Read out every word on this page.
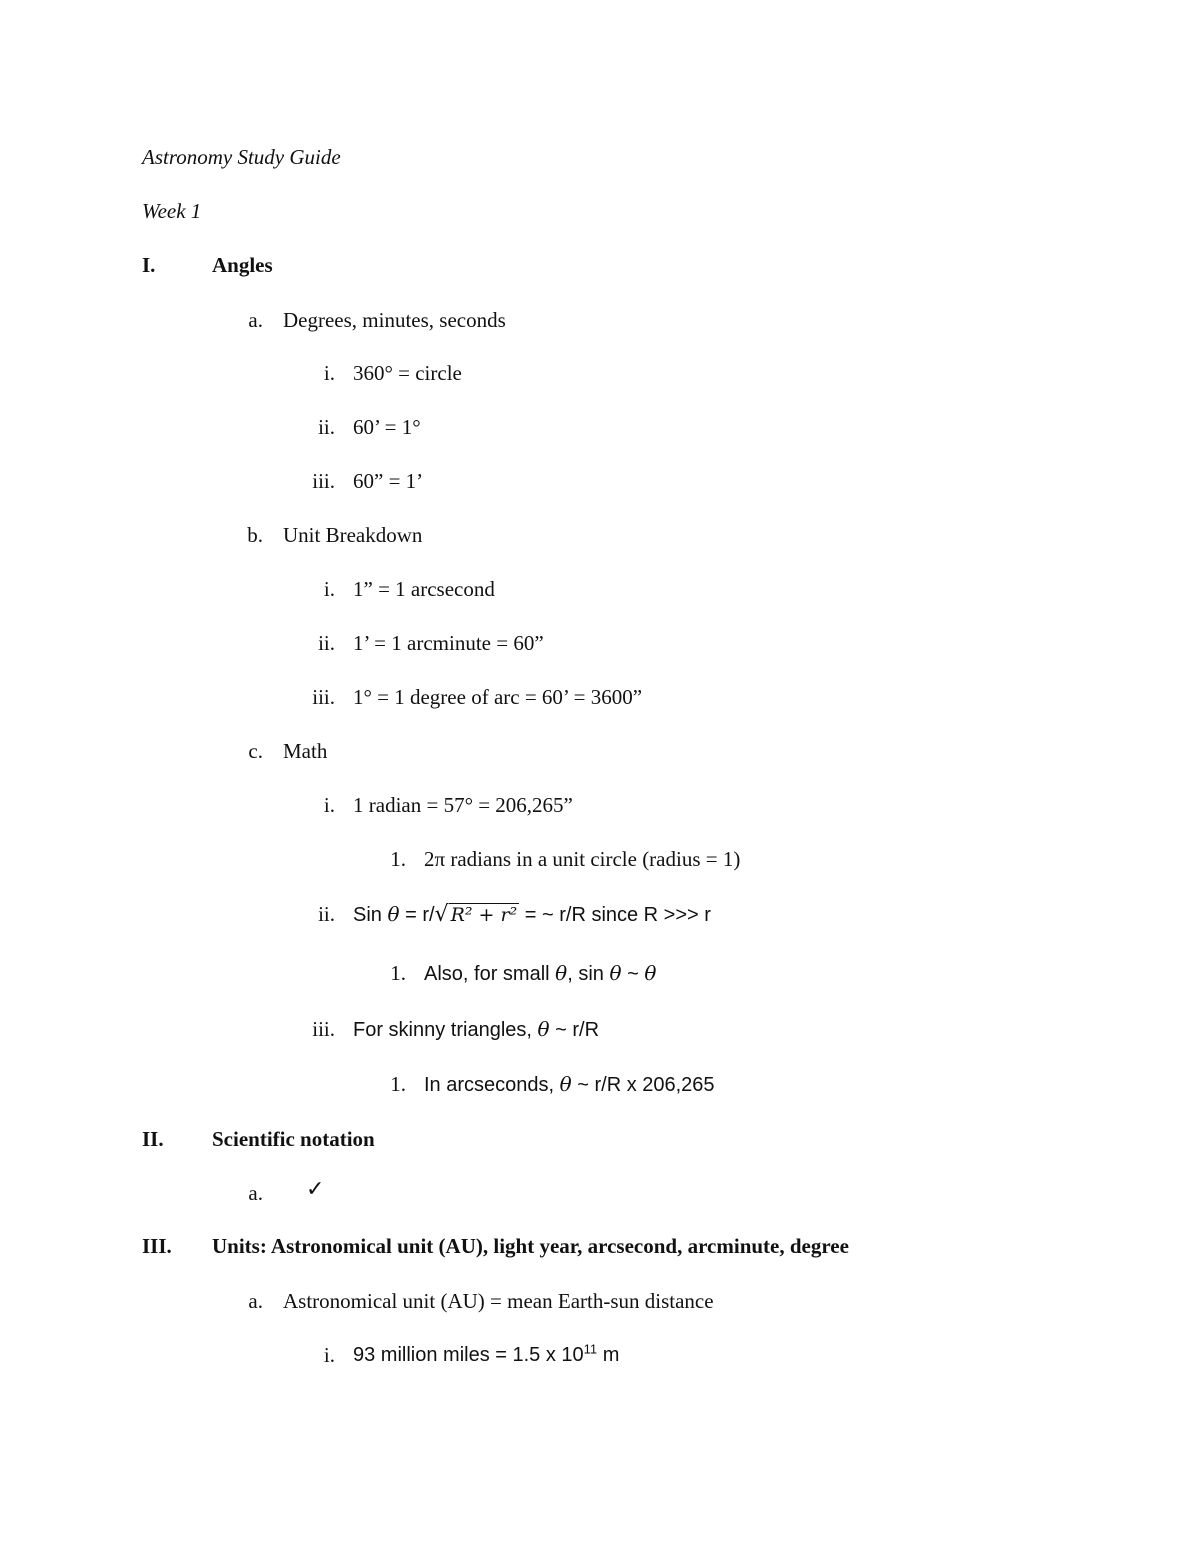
Astronomy Study Guide
Week 1
I.	Angles
a. Degrees, minutes, seconds
i. 360° = circle
ii. 60’ = 1°
iii. 60” = 1’
b. Unit Breakdown
i. 1” = 1 arcsecond
ii. 1’ = 1 arcminute = 60”
iii. 1° = 1 degree of arc = 60’ = 3600”
c. Math
i. 1 radian = 57° = 206,265”
1. 2π radians in a unit circle (radius = 1)
ii. Sin θ = r/√ R² + r² = ~ r/R since R >>> r
1. Also, for small θ, sin θ ~ θ
iii. For skinny triangles, θ ~ r/R
1. In arcseconds, θ ~ r/R x 206,265
II.	Scientific notation
a. ✓
III.	Units: Astronomical unit (AU), light year, arcsecond, arcminute, degree
a. Astronomical unit (AU) = mean Earth-sun distance
i. 93 million miles = 1.5 x $10^{11}$ m
